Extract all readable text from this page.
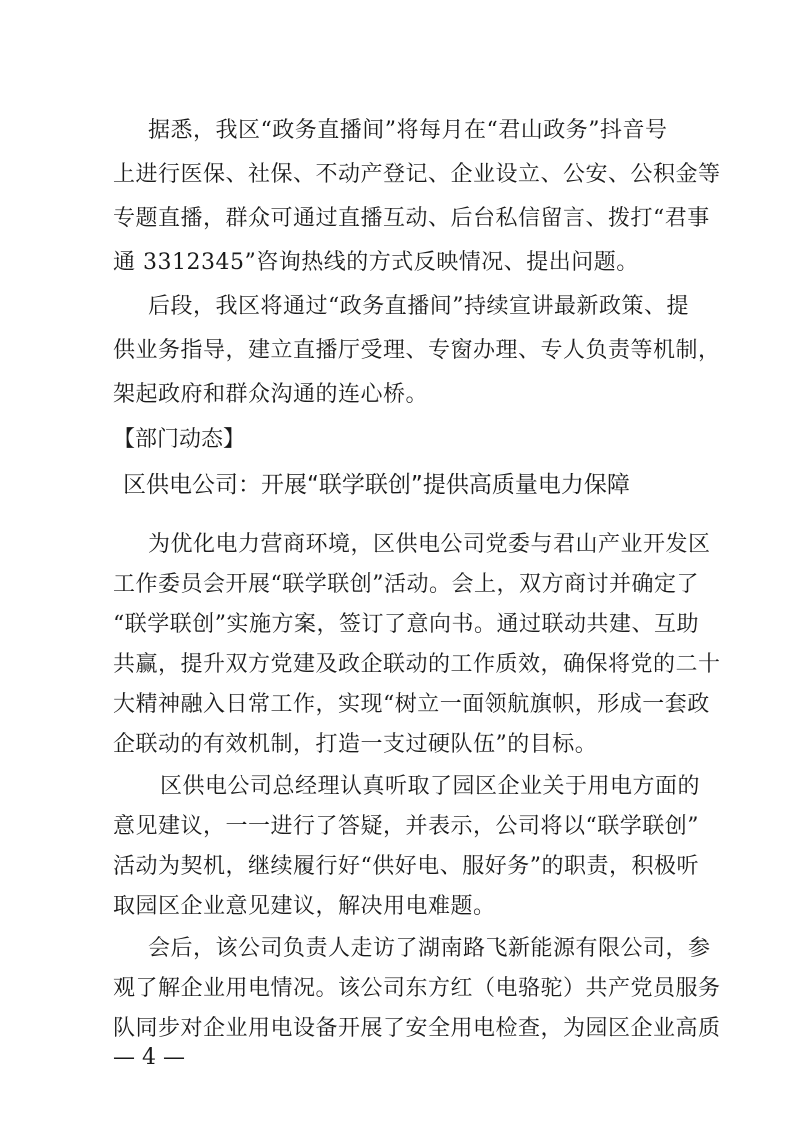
据悉，我区“政务直播间”将每月在“君山政务”抖音号
上进行医保、社保、不动产登记、企业设立、公安、公积金等
专题直播，群众可通过直播互动、后台私信留言、拨打“君事
通 3312345”咨询热线的方式反映情况、提出问题。
后段，我区将通过“政务直播间”持续宣讲最新政策、提
供业务指导，建立直播厅受理、专窗办理、专人负责等机制，
架起政府和群众沟通的连心桥。
【部门动态】
区供电公司：开展“联学联创”提供高质量电力保障
为优化电力营商环境，区供电公司党委与君山产业开发区
工作委员会开展“联学联创”活动。会上，双方商讨并确定了
“联学联创”实施方案，签订了意向书。通过联动共建、互助
共赢，提升双方党建及政企联动的工作质效，确保将党的二十
大精神融入日常工作，实现“树立一面领航旗帜，形成一套政
企联动的有效机制，打造一支过硬队伍”的目标。
区供电公司总经理认真听取了园区企业关于用电方面的
意见建议，一一进行了答疑，并表示，公司将以“联学联创”
活动为契机，继续履行好“供好电、服好务”的职责，积极听
取园区企业意见建议，解决用电难题。
会后，该公司负责人走访了湖南路飞新能源有限公司，参
— 4 —
观了解企业用电情况。该公司东方红（电骆驼）共产党员服务
队同步对企业用电设备开展了安全用电检查，为园区企业高质
